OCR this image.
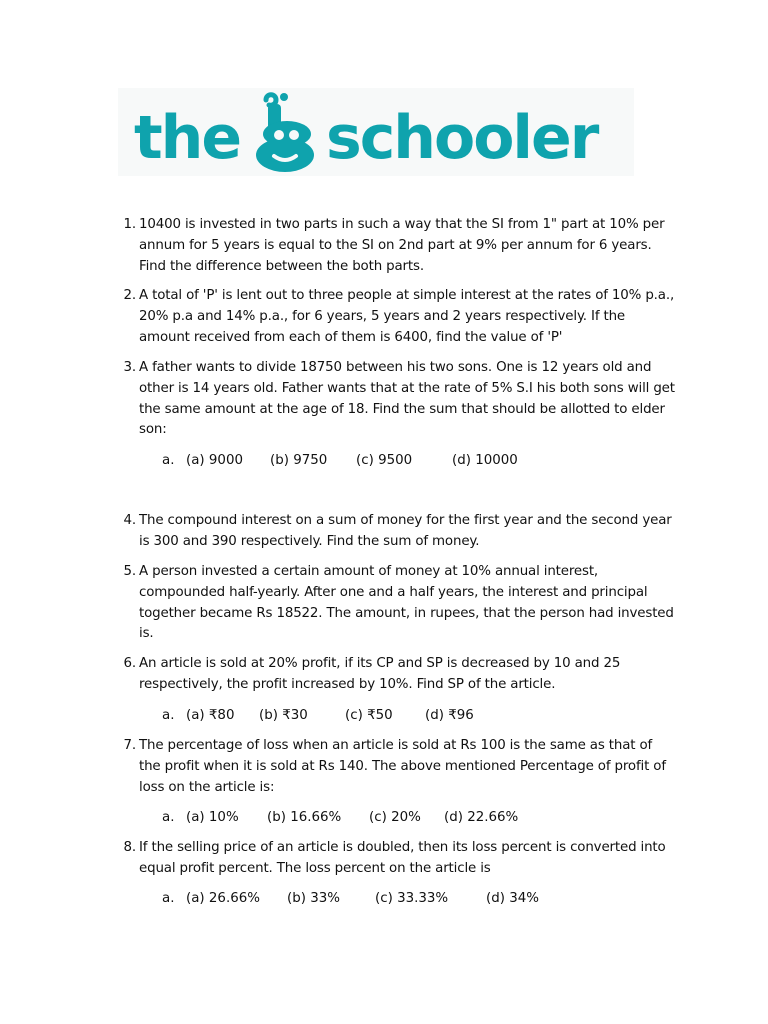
the schooler
1. 10400 is invested in two parts in such a way that the SI from 1" part at 10% per annum for 5 years is equal to the SI on 2nd part at 9% per annum for 6 years. Find the difference between the both parts.
2. A total of 'P' is lent out to three people at simple interest at the rates of 10% p.a., 20% p.a and 14% p.a., for 6 years, 5 years and 2 years respectively. If the amount received from each of them is 6400, find the value of 'P'
3. A father wants to divide 18750 between his two sons. One is 12 years old and other is 14 years old. Father wants that at the rate of 5% S.I his both sons will get the same amount at the age of 18. Find the sum that should be allotted to elder son:
a. (a) 9000 (b) 9750 (c) 9500	(d) 10000
4. The compound interest on a sum of money for the first year and the second year is 300 and 390 respectively. Find the sum of money.
5. A person invested a certain amount of money at 10% annual interest, compounded half-yearly. After one and a half years, the interest and principal together became Rs 18522. The amount, in rupees, that the person had invested is.
6. An article is sold at 20% profit, if its CP and SP is decreased by 10 and 25 respectively, the profit increased by 10%. Find SP of the article.
a. (a) ₹80 (b) ₹30	(c) ₹50 (d) ₹96
7. The percentage of loss when an article is sold at Rs 100 is the same as that of the profit when it is sold at Rs 140. The above mentioned Percentage of profit of loss on the article is:
a. (a) 10% (b) 16.66% (c) 20% (d) 22.66%
8. If the selling price of an article is doubled, then its loss percent is converted into equal profit percent. The loss percent on the article is
a. (a) 26.66% (b) 33%	(c) 33.33%	(d) 34%
